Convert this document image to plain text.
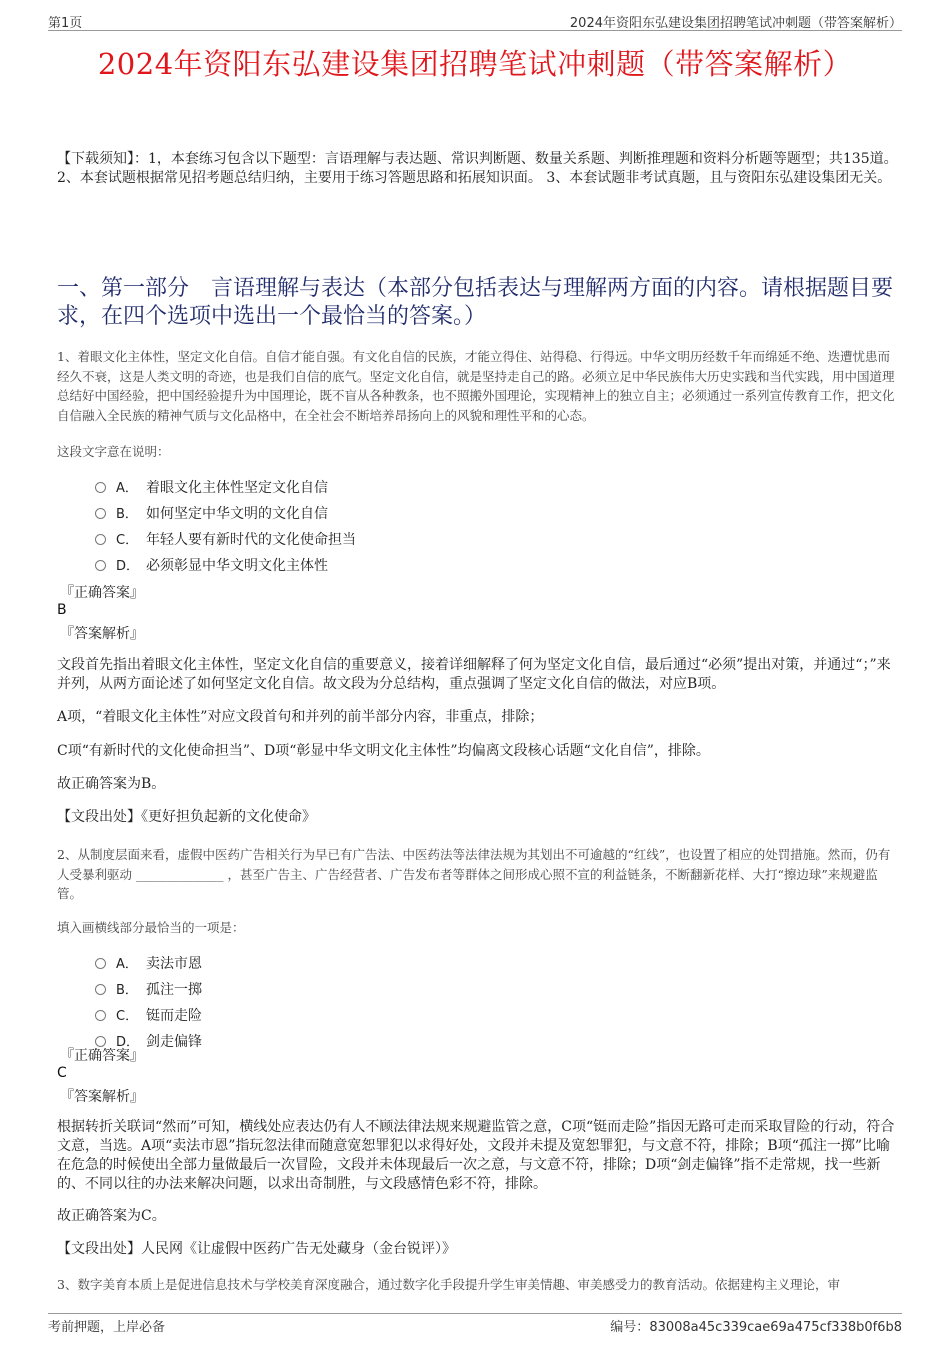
第1页	2024年资阳东弘建设集团招聘笔试冲刺题（带答案解析）
2024年资阳东弘建设集团招聘笔试冲刺题（带答案解析）
【下载须知】：1，本套练习包含以下题型：言语理解与表达题、常识判断题、数量关系题、判断推理题和资料分析题等题型；共135道。 2、本套试题根据常见招考题总结归纳，主要用于练习答题思路和拓展知识面。 3、本套试题非考试真题，且与资阳东弘建设集团无关。
一、第一部分　言语理解与表达（本部分包括表达与理解两方面的内容。请根据题目要求，在四个选项中选出一个最恰当的答案。）
1、着眼文化主体性，坚定文化自信。自信才能自强。有文化自信的民族，才能立得住、站得稳、行得远。中华文明历经数千年而绵延不绝、迭遭忧患而经久不衰，这是人类文明的奇迹，也是我们自信的底气。坚定文化自信，就是坚持走自己的路。必须立足中华民族伟大历史实践和当代实践，用中国道理总结好中国经验，把中国经验提升为中国理论，既不盲从各种教条，也不照搬外国理论，实现精神上的独立自主；必须通过一系列宣传教育工作，把文化自信融入全民族的精神气质与文化品格中，在全社会不断培养昂扬向上的风貌和理性平和的心态。
这段文字意在说明：
A． 着眼文化主体性坚定文化自信
B． 如何坚定中华文明的文化自信
C． 年轻人要有新时代的文化使命担当
D． 必须彰显中华文明文化主体性
『正确答案』
B
『答案解析』
文段首先指出着眼文化主体性，坚定文化自信的重要意义，接着详细解释了何为坚定文化自信，最后通过“必须”提出对策，并通过“；”来并列，从两方面论述了如何坚定文化自信。故文段为分总结构，重点强调了坚定文化自信的做法，对应B项。
A项，“着眼文化主体性”对应文段首句和并列的前半部分内容，非重点，排除；
C项“有新时代的文化使命担当”、D项“彰显中华文明文化主体性”均偏离文段核心话题“文化自信”，排除。
故正确答案为B。
【文段出处】《更好担负起新的文化使命》
2、从制度层面来看，虚假中医药广告相关行为早已有广告法、中医药法等法律法规为其划出不可逾越的“红线”，也设置了相应的处罚措施。然而，仍有人受暴利驱动 ______________ ，甚至广告主、广告经营者、广告发布者等群体之间形成心照不宣的利益链条，不断翻新花样、大打“擦边球”来规避监管。
填入画横线部分最恰当的一项是：
A． 卖法市恩
B． 孤注一掷
C． 铤而走险
D． 剑走偏锋
『正确答案』
C
『答案解析』
根据转折关联词“然而”可知，横线处应表达仍有人不顾法律法规来规避监管之意，C项“铤而走险”指因无路可走而采取冒险的行动，符合文意，当选。A项“卖法市恩”指玩忽法律而随意宽恕罪犯以求得好处，文段并未提及宽恕罪犯，与文意不符，排除；B项“孤注一掷”比喻在危急的时候使出全部力量做最后一次冒险，文段并未体现最后一次之意，与文意不符，排除；D项“剑走偏锋”指不走常规，找一些新的、不同以往的办法来解决问题，以求出奇制胜，与文段感情色彩不符，排除。
故正确答案为C。
【文段出处】人民网《让虚假中医药广告无处藏身（金台锐评）》
3、数字美育本质上是促进信息技术与学校美育深度融合，通过数字化手段提升学生审美情趣、审美感受力的教育活动。依据建构主义理论，审
考前押题，上岸必备	编号：83008a45c339cae69a475cf338b0f6b8
